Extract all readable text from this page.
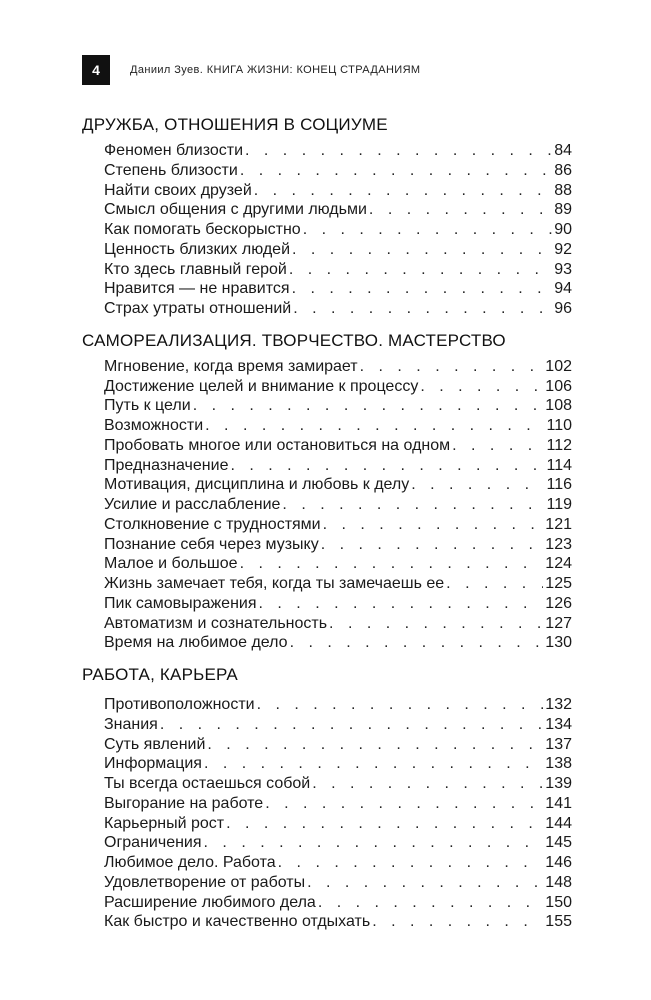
4	Даниил Зуев. КНИГА ЖИЗНИ: КОНЕЦ СТРАДАНИЯМ
ДРУЖБА, ОТНОШЕНИЯ В СОЦИУМЕ
Феномен близости . . .	84
Степень близости . . .	86
Найти своих друзей . . .	88
Смысл общения с другими людьми . . .	89
Как помогать бескорыстно . . .	90
Ценность близких людей . . .	92
Кто здесь главный герой . . .	93
Нравится — не нравится . . .	94
Страх утраты отношений . . .	96
САМОРЕАЛИЗАЦИЯ. ТВОРЧЕСТВО. МАСТЕРСТВО
Мгновение, когда время замирает . . .	102
Достижение целей и внимание к процессу . . .	106
Путь к цели . . .	108
Возможности . . .	110
Пробовать многое или остановиться на одном . . .	112
Предназначение . . .	114
Мотивация, дисциплина и любовь к делу . . .	116
Усилие и расслабление . . .	119
Столкновение с трудностями . . .	121
Познание себя через музыку . . .	123
Малое и большое . . .	124
Жизнь замечает тебя, когда ты замечаешь ее . . .	125
Пик самовыражения . . .	126
Автоматизм и сознательность . . .	127
Время на любимое дело . . .	130
РАБОТА, КАРЬЕРА
Противоположности . . .	132
Знания . . .	134
Суть явлений . . .	137
Информация . . .	138
Ты всегда остаешься собой . . .	139
Выгорание на работе . . .	141
Карьерный рост . . .	144
Ограничения . . .	145
Любимое дело. Работа . . .	146
Удовлетворение от работы . . .	148
Расширение любимого дела . . .	150
Как быстро и качественно отдыхать . . .	155
